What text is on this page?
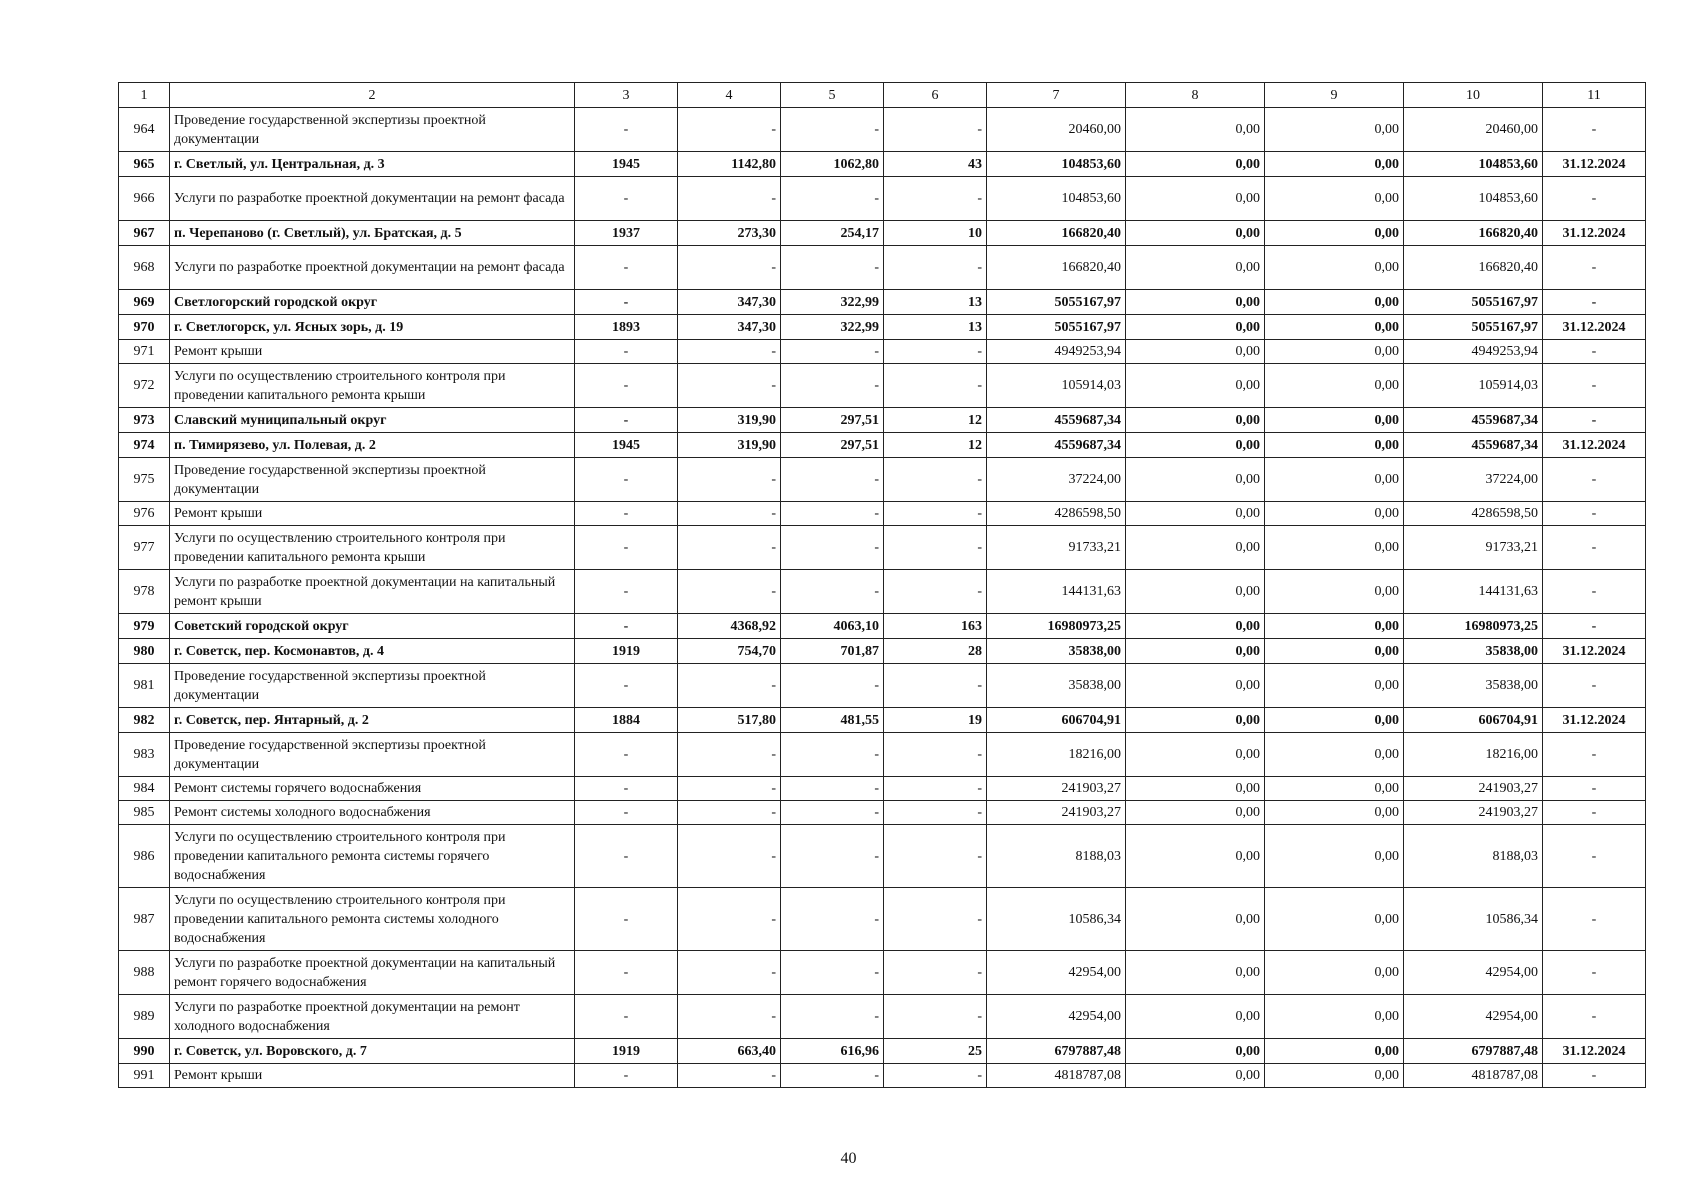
1	2	3	4	5	6	7	8	9	10	11
964	Проведение государственной экспертизы проектной документации	-	-	-	-	20460,00	0,00	0,00	20460,00	-
965	г. Светлый, ул. Центральная, д. 3	1945	1142,80	1062,80	43	104853,60	0,00	0,00	104853,60	31.12.2024
966	Услуги по разработке проектной документации на ремонт фасада	-	-	-	-	104853,60	0,00	0,00	104853,60	-
967	п. Черепаново (г. Светлый), ул. Братская, д. 5	1937	273,30	254,17	10	166820,40	0,00	0,00	166820,40	31.12.2024
968	Услуги по разработке проектной документации на ремонт фасада	-	-	-	-	166820,40	0,00	0,00	166820,40	-
969	Светлогорский городской округ	-	347,30	322,99	13	5055167,97	0,00	0,00	5055167,97	-
970	г. Светлогорск, ул. Ясных зорь, д. 19	1893	347,30	322,99	13	5055167,97	0,00	0,00	5055167,97	31.12.2024
971	Ремонт крыши	-	-	-	-	4949253,94	0,00	0,00	4949253,94	-
972	Услуги по осуществлению строительного контроля при проведении капитального ремонта крыши	-	-	-	-	105914,03	0,00	0,00	105914,03	-
973	Славский муниципальный округ	-	319,90	297,51	12	4559687,34	0,00	0,00	4559687,34	-
974	п. Тимирязево, ул. Полевая, д. 2	1945	319,90	297,51	12	4559687,34	0,00	0,00	4559687,34	31.12.2024
975	Проведение государственной экспертизы проектной документации	-	-	-	-	37224,00	0,00	0,00	37224,00	-
976	Ремонт крыши	-	-	-	-	4286598,50	0,00	0,00	4286598,50	-
977	Услуги по осуществлению строительного контроля при проведении капитального ремонта крыши	-	-	-	-	91733,21	0,00	0,00	91733,21	-
978	Услуги по разработке проектной документации на капитальный ремонт крыши	-	-	-	-	144131,63	0,00	0,00	144131,63	-
979	Советский городской округ	-	4368,92	4063,10	163	16980973,25	0,00	0,00	16980973,25	-
980	г. Советск, пер. Космонавтов, д. 4	1919	754,70	701,87	28	35838,00	0,00	0,00	35838,00	31.12.2024
981	Проведение государственной экспертизы проектной документации	-	-	-	-	35838,00	0,00	0,00	35838,00	-
982	г. Советск, пер. Янтарный, д. 2	1884	517,80	481,55	19	606704,91	0,00	0,00	606704,91	31.12.2024
983	Проведение государственной экспертизы проектной документации	-	-	-	-	18216,00	0,00	0,00	18216,00	-
984	Ремонт системы горячего водоснабжения	-	-	-	-	241903,27	0,00	0,00	241903,27	-
985	Ремонт системы холодного водоснабжения	-	-	-	-	241903,27	0,00	0,00	241903,27	-
986	Услуги по осуществлению строительного контроля при проведении капитального ремонта системы горячего водоснабжения	-	-	-	-	8188,03	0,00	0,00	8188,03	-
987	Услуги по осуществлению строительного контроля при проведении капитального ремонта системы холодного водоснабжения	-	-	-	-	10586,34	0,00	0,00	10586,34	-
988	Услуги по разработке проектной документации на капитальный ремонт горячего водоснабжения	-	-	-	-	42954,00	0,00	0,00	42954,00	-
989	Услуги по разработке проектной документации на ремонт холодного водоснабжения	-	-	-	-	42954,00	0,00	0,00	42954,00	-
990	г. Советск, ул. Воровского, д. 7	1919	663,40	616,96	25	6797887,48	0,00	0,00	6797887,48	31.12.2024
991	Ремонт крыши	-	-	-	-	4818787,08	0,00	0,00	4818787,08	-
40
